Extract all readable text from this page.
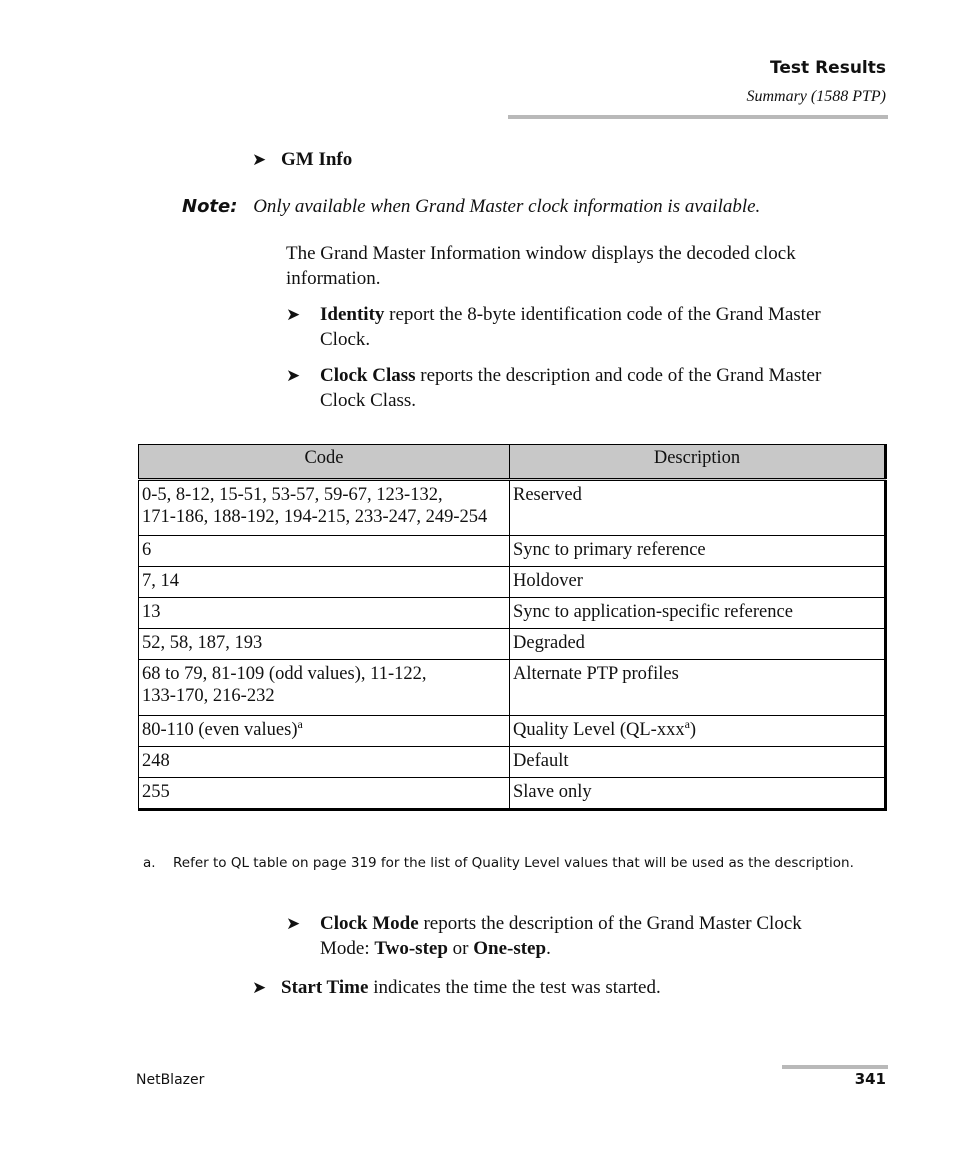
Test Results
Summary (1588 PTP)
➤ GM Info
Note: Only available when Grand Master clock information is available.
The Grand Master Information window displays the decoded clock
information.
➤ Identity report the 8-byte identification code of the Grand Master
Clock.
➤ Clock Class reports the description and code of the Grand Master
Clock Class.
Code	Description

0-5, 8-12, 15-51, 53-57, 59-67, 123-132,
171-186, 188-192, 194-215, 233-247, 249-254	Reserved
6	Sync to primary reference
7, 14	Holdover
13	Sync to application-specific reference
52, 58, 187, 193	Degraded

68 to 79, 81-109 (odd values), 11-122,
133-170, 216-232	Alternate PTP profiles
80-110 (even values)$^a$	Quality Level (QL-xxx$^a$)
248	Default
255	Slave only
a. Refer to QL table on page 319 for the list of Quality Level values that will be used as the description.
➤ Clock Mode reports the description of the Grand Master Clock
Mode: Two-step or One-step.
➤ Start Time indicates the time the test was started.
NetBlazer	341
